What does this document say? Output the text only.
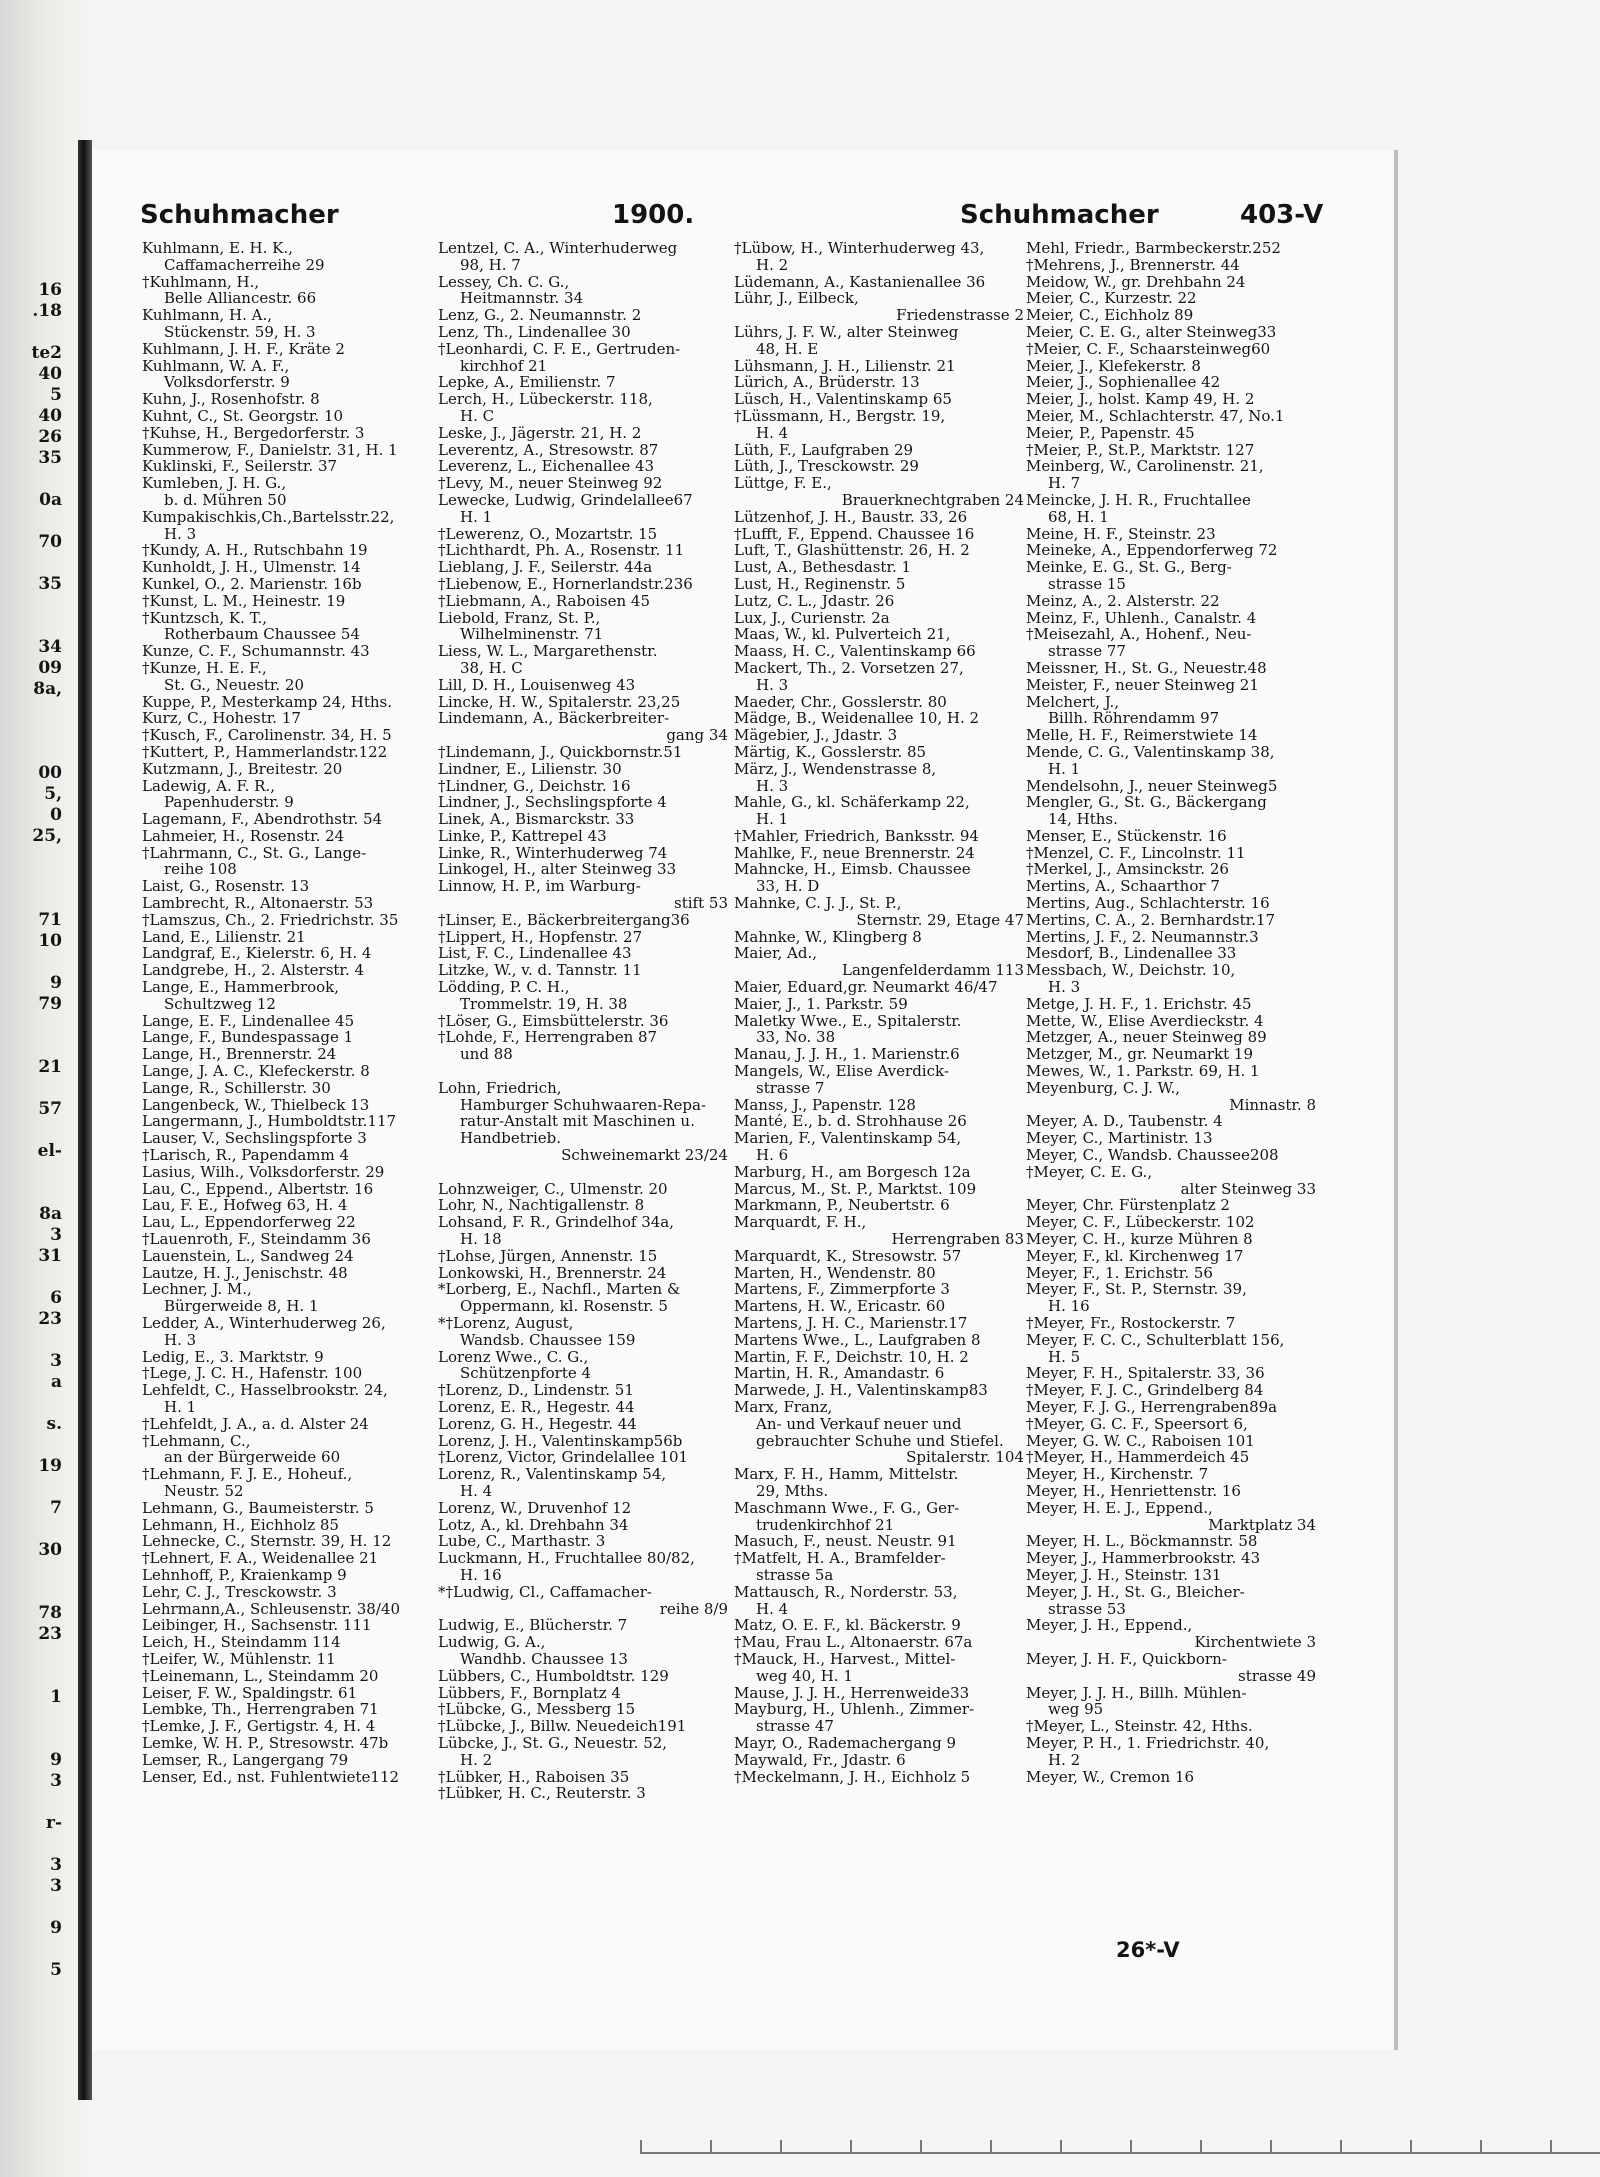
16
.18
te2
40
5
40
26
35
0a
70
35
34
09
8a,
00
5,
0
25,
71
10
9
79
21
57
el-
8a
3
31
6
23
3
a
s.
19
7
30
78
23
1
9
3
r-
3
3
9
5
Schuhmacher	1900.	Schuhmacher	403-V
Kuhlmann, E. H. K.,
Caffamacherreihe 29
†Kuhlmann, H.,
Belle Alliancestr. 66
Kuhlmann, H. A.,
Stückenstr. 59, H. 3
Kuhlmann, J. H. F., Kräte 2
Kuhlmann, W. A. F.,
Volksdorferstr. 9
Kuhn, J., Rosenhofstr. 8
Kuhnt, C., St. Georgstr. 10
†Kuhse, H., Bergedorferstr. 3
Kummerow, F., Danielstr. 31, H. 1
Kuklinski, F., Seilerstr. 37
Kumleben, J. H. G.,
b. d. Mühren 50
Kumpakischkis,Ch.,Bartelsstr.22,
H. 3
†Kundy, A. H., Rutschbahn 19
Kunholdt, J. H., Ulmenstr. 14
Kunkel, O., 2. Marienstr. 16b
†Kunst, L. M., Heinestr. 19
†Kuntzsch, K. T.,
Rotherbaum Chaussee 54
Kunze, C. F., Schumannstr. 43
†Kunze, H. E. F.,
St. G., Neuestr. 20
Kuppe, P., Mesterkamp 24, Hths.
Kurz, C., Hohestr. 17
†Kusch, F., Carolinenstr. 34, H. 5
†Kuttert, P., Hammerlandstr.122
Kutzmann, J., Breitestr. 20
Ladewig, A. F. R.,
Papenhuderstr. 9
Lagemann, F., Abendrothstr. 54
Lahmeier, H., Rosenstr. 24
†Lahrmann, C., St. G., Lange-
reihe 108
Laist, G., Rosenstr. 13
Lambrecht, R., Altonaerstr. 53
†Lamszus, Ch., 2. Friedrichstr. 35
Land, E., Lilienstr. 21
Landgraf, E., Kielerstr. 6, H. 4
Landgrebe, H., 2. Alsterstr. 4
Lange, E., Hammerbrook,
Schultzweg 12
Lange, E. F., Lindenallee 45
Lange, F., Bundespassage 1
Lange, H., Brennerstr. 24
Lange, J. A. C., Klefeckerstr. 8
Lange, R., Schillerstr. 30
Langenbeck, W., Thielbeck 13
Langermann, J., Humboldtstr.117
Lauser, V., Sechslingspforte 3
†Larisch, R., Papendamm 4
Lasius, Wilh., Volksdorferstr. 29
Lau, C., Eppend., Albertstr. 16
Lau, F. E., Hofweg 63, H. 4
Lau, L., Eppendorferweg 22
†Lauenroth, F., Steindamm 36
Lauenstein, L., Sandweg 24
Lautze, H. J., Jenischstr. 48
Lechner, J. M.,
Bürgerweide 8, H. 1
Ledder, A., Winterhuderweg 26,
H. 3
Ledig, E., 3. Marktstr. 9
†Lege, J. C. H., Hafenstr. 100
Lehfeldt, C., Hasselbrookstr. 24,
H. 1
†Lehfeldt, J. A., a. d. Alster 24
†Lehmann, C.,
an der Bürgerweide 60
†Lehmann, F. J. E., Hoheuf.,
Neustr. 52
Lehmann, G., Baumeisterstr. 5
Lehmann, H., Eichholz 85
Lehnecke, C., Sternstr. 39, H. 12
†Lehnert, F. A., Weidenallee 21
Lehnhoff, P., Kraienkamp 9
Lehr, C. J., Tresckowstr. 3
Lehrmann,A., Schleusenstr. 38/40
Leibinger, H., Sachsenstr. 111
Leich, H., Steindamm 114
†Leifer, W., Mühlenstr. 11
†Leinemann, L., Steindamm 20
Leiser, F. W., Spaldingstr. 61
Lembke, Th., Herrengraben 71
†Lemke, J. F., Gertigstr. 4, H. 4
Lemke, W. H. P., Stresowstr. 47b
Lemser, R., Langergang 79
Lenser, Ed., nst. Fuhlentwiete112
Lentzel, C. A., Winterhuderweg
98, H. 7
Lessey, Ch. C. G.,
Heitmannstr. 34
Lenz, G., 2. Neumannstr. 2
Lenz, Th., Lindenallee 30
†Leonhardi, C. F. E., Gertruden-
kirchhof 21
Lepke, A., Emilienstr. 7
Lerch, H., Lübeckerstr. 118,
H. C
Leske, J., Jägerstr. 21, H. 2
Leverentz, A., Stresowstr. 87
Leverenz, L., Eichenallee 43
†Levy, M., neuer Steinweg 92
Lewecke, Ludwig, Grindelallee67
H. 1
†Lewerenz, O., Mozartstr. 15
†Lichthardt, Ph. A., Rosenstr. 11
Lieblang, J. F., Seilerstr. 44a
†Liebenow, E., Hornerlandstr.236
†Liebmann, A., Raboisen 45
Liebold, Franz, St. P.,
Wilhelminenstr. 71
Liess, W. L., Margarethenstr.
38, H. C
Lill, D. H., Louisenweg 43
Lincke, H. W., Spitalerstr. 23,25
Lindemann, A., Bäckerbreiter-
gang 34
†Lindemann, J., Quickbornstr.51
Lindner, E., Lilienstr. 30
†Lindner, G., Deichstr. 16
Lindner, J., Sechslingspforte 4
Linek, A., Bismarckstr. 33
Linke, P., Kattrepel 43
Linke, R., Winterhuderweg 74
Linkogel, H., alter Steinweg 33
Linnow, H. P., im Warburg-
stift 53
†Linser, E., Bäckerbreitergang36
†Lippert, H., Hopfenstr. 27
List, F. C., Lindenallee 43
Litzke, W., v. d. Tannstr. 11
Lödding, P. C. H.,
Trommelstr. 19, H. 38
†Löser, G., Eimsbüttelerstr. 36
†Lohde, F., Herrengraben 87
und 88
Lohn, Friedrich,
Hamburger Schuhwaaren-Repa-
ratur-Anstalt mit Maschinen u.
Handbetrieb.
Schweinemarkt 23/24
Lohnzweiger, C., Ulmenstr. 20
Lohr, N., Nachtigallenstr. 8
Lohsand, F. R., Grindelhof 34a,
H. 18
†Lohse, Jürgen, Annenstr. 15
Lonkowski, H., Brennerstr. 24
*Lorberg, E., Nachfl., Marten &
Oppermann, kl. Rosenstr. 5
*†Lorenz, August,
Wandsb. Chaussee 159
Lorenz Wwe., C. G.,
Schützenpforte 4
†Lorenz, D., Lindenstr. 51
Lorenz, E. R., Hegestr. 44
Lorenz, G. H., Hegestr. 44
Lorenz, J. H., Valentinskamp56b
†Lorenz, Victor, Grindelallee 101
Lorenz, R., Valentinskamp 54,
H. 4
Lorenz, W., Druvenhof 12
Lotz, A., kl. Drehbahn 34
Lube, C., Marthastr. 3
Luckmann, H., Fruchtallee 80/82,
H. 16
*†Ludwig, Cl., Caffamacher-
reihe 8/9
Ludwig, E., Blücherstr. 7
Ludwig, G. A.,
Wandhb. Chaussee 13
Lübbers, C., Humboldtstr. 129
Lübbers, F., Bornplatz 4
†Lübcke, G., Messberg 15
†Lübcke, J., Billw. Neuedeich191
Lübcke, J., St. G., Neuestr. 52,
H. 2
†Lübker, H., Raboisen 35
†Lübker, H. C., Reuterstr. 3
†Lübow, H., Winterhuderweg 43,
H. 2
Lüdemann, A., Kastanienallee 36
Lühr, J., Eilbeck,
Friedenstrasse 2
Lührs, J. F. W., alter Steinweg
48, H. E
Lühsmann, J. H., Lilienstr. 21
Lürich, A., Brüderstr. 13
Lüsch, H., Valentinskamp 65
†Lüssmann, H., Bergstr. 19,
H. 4
Lüth, F., Laufgraben 29
Lüth, J., Tresckowstr. 29
Lüttge, F. E.,
Brauerknechtgraben 24
Lützenhof, J. H., Baustr. 33, 26
†Lufft, F., Eppend. Chaussee 16
Luft, T., Glashüttenstr. 26, H. 2
Lust, A., Bethesdastr. 1
Lust, H., Reginenstr. 5
Lutz, C. L., Jdastr. 26
Lux, J., Curienstr. 2a
Maas, W., kl. Pulverteich 21,
Maass, H. C., Valentinskamp 66
Mackert, Th., 2. Vorsetzen 27,
H. 3
Maeder, Chr., Gosslerstr. 80
Mädge, B., Weidenallee 10, H. 2
Mägebier, J., Jdastr. 3
Märtig, K., Gosslerstr. 85
März, J., Wendenstrasse 8,
H. 3
Mahle, G., kl. Schäferkamp 22,
H. 1
†Mahler, Friedrich, Banksstr. 94
Mahlke, F., neue Brennerstr. 24
Mahncke, H., Eimsb. Chaussee
33, H. D
Mahnke, C. J. J., St. P.,
Sternstr. 29, Etage 47
Mahnke, W., Klingberg 8
Maier, Ad.,
Langenfelderdamm 113
Maier, Eduard,gr. Neumarkt 46/47
Maier, J., 1. Parkstr. 59
Maletky Wwe., E., Spitalerstr.
33, No. 38
Manau, J. J. H., 1. Marienstr.6
Mangels, W., Elise Averdick-
strasse 7
Manss, J., Papenstr. 128
Manté, E., b. d. Strohhause 26
Marien, F., Valentinskamp 54,
H. 6
Marburg, H., am Borgesch 12a
Marcus, M., St. P., Marktst. 109
Markmann, P., Neubertstr. 6
Marquardt, F. H.,
Herrengraben 83
Marquardt, K., Stresowstr. 57
Marten, H., Wendenstr. 80
Martens, F., Zimmerpforte 3
Martens, H. W., Ericastr. 60
Martens, J. H. C., Marienstr.17
Martens Wwe., L., Laufgraben 8
Martin, F. F., Deichstr. 10, H. 2
Martin, H. R., Amandastr. 6
Marwede, J. H., Valentinskamp83
Marx, Franz,
An- und Verkauf neuer und
gebrauchter Schuhe und Stiefel.
Spitalerstr. 104
Marx, F. H., Hamm, Mittelstr.
29, Mths.
Maschmann Wwe., F. G., Ger-
trudenkirchhof 21
Masuch, F., neust. Neustr. 91
†Matfelt, H. A., Bramfelder-
strasse 5a
Mattausch, R., Norderstr. 53,
H. 4
Matz, O. E. F., kl. Bäckerstr. 9
†Mau, Frau L., Altonaerstr. 67a
†Mauck, H., Harvest., Mittel-
weg 40, H. 1
Mause, J. J. H., Herrenweide33
Mayburg, H., Uhlenh., Zimmer-
strasse 47
Mayr, O., Rademachergang 9
Maywald, Fr., Jdastr. 6
†Meckelmann, J. H., Eichholz 5
Mehl, Friedr., Barmbeckerstr.252
†Mehrens, J., Brennerstr. 44
Meidow, W., gr. Drehbahn 24
Meier, C., Kurzestr. 22
Meier, C., Eichholz 89
Meier, C. E. G., alter Steinweg33
†Meier, C. F., Schaarsteinweg60
Meier, J., Klefekerstr. 8
Meier, J., Sophienallee 42
Meier, J., holst. Kamp 49, H. 2
Meier, M., Schlachterstr. 47, No.1
Meier, P., Papenstr. 45
†Meier, P., St.P., Marktstr. 127
Meinberg, W., Carolinenstr. 21,
H. 7
Meincke, J. H. R., Fruchtallee
68, H. 1
Meine, H. F., Steinstr. 23
Meineke, A., Eppendorferweg 72
Meinke, E. G., St. G., Berg-
strasse 15
Meinz, A., 2. Alsterstr. 22
Meinz, F., Uhlenh., Canalstr. 4
†Meisezahl, A., Hohenf., Neu-
strasse 77
Meissner, H., St. G., Neuestr.48
Meister, F., neuer Steinweg 21
Melchert, J.,
Billh. Röhrendamm 97
Melle, H. F., Reimerstwiete 14
Mende, C. G., Valentinskamp 38,
H. 1
Mendelsohn, J., neuer Steinweg5
Mengler, G., St. G., Bäckergang
14, Hths.
Menser, E., Stückenstr. 16
†Menzel, C. F., Lincolnstr. 11
†Merkel, J., Amsinckstr. 26
Mertins, A., Schaarthor 7
Mertins, Aug., Schlachterstr. 16
Mertins, C. A., 2. Bernhardstr.17
Mertins, J. F., 2. Neumannstr.3
Mesdorf, B., Lindenallee 33
Messbach, W., Deichstr. 10,
H. 3
Metge, J. H. F., 1. Erichstr. 45
Mette, W., Elise Averdieckstr. 4
Metzger, A., neuer Steinweg 89
Metzger, M., gr. Neumarkt 19
Mewes, W., 1. Parkstr. 69, H. 1
Meyenburg, C. J. W.,
Minnastr. 8
Meyer, A. D., Taubenstr. 4
Meyer, C., Martinistr. 13
Meyer, C., Wandsb. Chaussee208
†Meyer, C. E. G.,
alter Steinweg 33
Meyer, Chr. Fürstenplatz 2
Meyer, C. F., Lübeckerstr. 102
Meyer, C. H., kurze Mühren 8
Meyer, F., kl. Kirchenweg 17
Meyer, F., 1. Erichstr. 56
Meyer, F., St. P., Sternstr. 39,
H. 16
†Meyer, Fr., Rostockerstr. 7
Meyer, F. C. C., Schulterblatt 156,
H. 5
Meyer, F. H., Spitalerstr. 33, 36
†Meyer, F. J. C., Grindelberg 84
Meyer, F. J. G., Herrengraben89a
†Meyer, G. C. F., Speersort 6,
Meyer, G. W. C., Raboisen 101
†Meyer, H., Hammerdeich 45
Meyer, H., Kirchenstr. 7
Meyer, H., Henriettenstr. 16
Meyer, H. E. J., Eppend.,
Marktplatz 34
Meyer, H. L., Böckmannstr. 58
Meyer, J., Hammerbrookstr. 43
Meyer, J. H., Steinstr. 131
Meyer, J. H., St. G., Bleicher-
strasse 53
Meyer, J. H., Eppend.,
Kirchentwiete 3
Meyer, J. H. F., Quickborn-
strasse 49
Meyer, J. J. H., Billh. Mühlen-
weg 95
†Meyer, L., Steinstr. 42, Hths.
Meyer, P. H., 1. Friedrichstr. 40,
H. 2
Meyer, W., Cremon 16
26*-V
